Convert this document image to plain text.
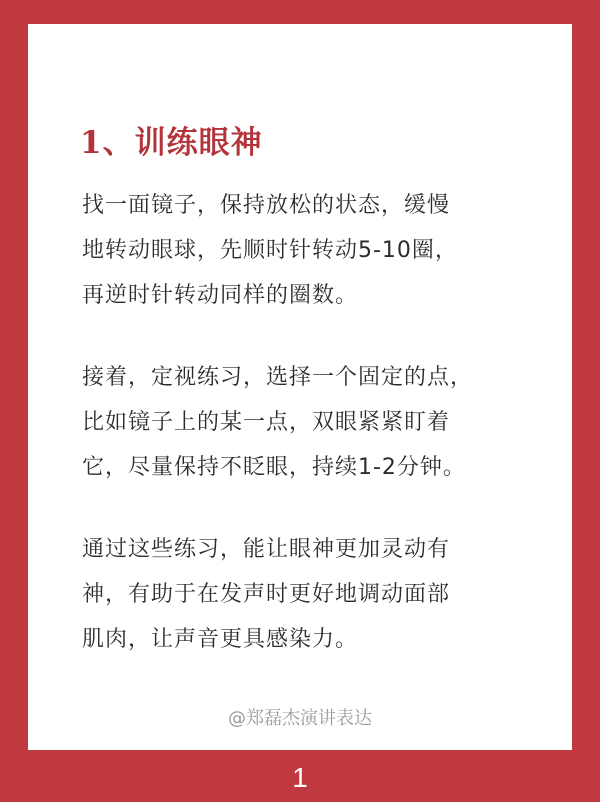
1、训练眼神

找一面镜子，保持放松的状态，缓慢
地转动眼球，先顺时针转动5-10圈，
再逆时针转动同样的圈数。

接着，定视练习，选择一个固定的点，
比如镜子上的某一点，双眼紧紧盯着
它，尽量保持不眨眼，持续1-2分钟。

通过这些练习，能让眼神更加灵动有
神，有助于在发声时更好地调动面部
肌肉，让声音更具感染力。

@郑磊杰演讲表达
1
